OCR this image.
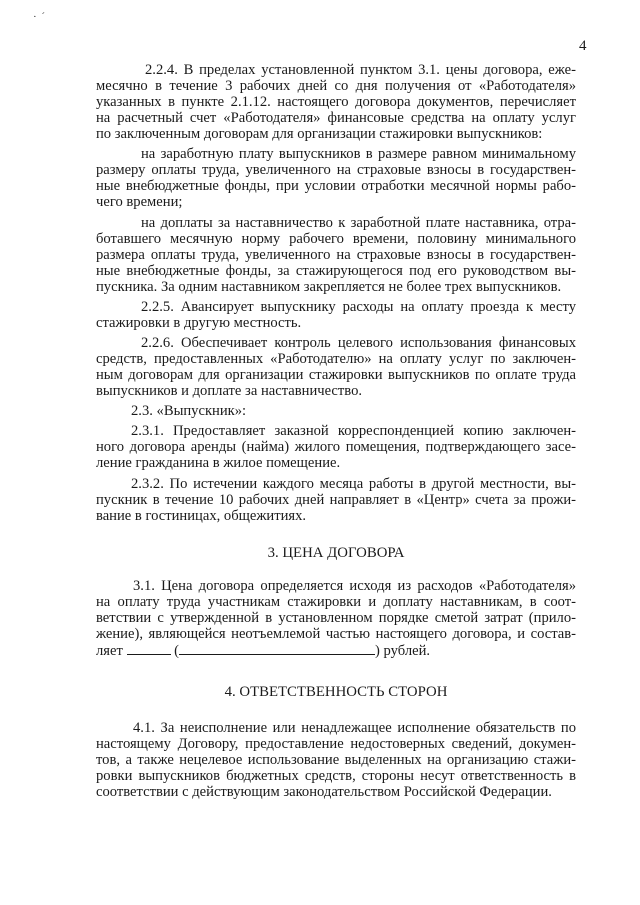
· ´
4
2.2.4. В пределах установленной пунктом 3.1. цены договора, еже-
месячно в течение 3 рабочих дней со дня получения от «Работодателя»
указанных в пункте 2.1.12. настоящего договора документов, перечисляет
на расчетный счет «Работодателя» финансовые средства на оплату услуг
по заключенным договорам для организации стажировки выпускников:
на заработную плату выпускников в размере равном минимальному
размеру оплаты труда, увеличенного на страховые взносы в государствен-
ные внебюджетные фонды, при условии отработки месячной нормы рабо-
чего времени;
на доплаты за наставничество к заработной плате наставника, отра-
ботавшего месячную норму рабочего времени, половину минимального
размера оплаты труда, увеличенного на страховые взносы в государствен-
ные внебюджетные фонды, за стажирующегося под его руководством вы-
пускника. За одним наставником закрепляется не более трех выпускников.
2.2.5. Авансирует выпускнику расходы на оплату проезда к месту
стажировки в другую местность.
2.2.6. Обеспечивает контроль целевого использования финансовых
средств, предоставленных «Работодателю» на оплату услуг по заключен-
ным договорам для организации стажировки выпускников по оплате труда
выпускников и доплате за наставничество.
2.3. «Выпускник»:
2.3.1. Предоставляет заказной корреспонденцией копию заключен-
ного договора аренды (найма) жилого помещения, подтверждающего засе-
ление гражданина в жилое помещение.
2.3.2. По истечении каждого месяца работы в другой местности, вы-
пускник в течение 10 рабочих дней направляет в «Центр» счета за прожи-
вание в гостиницах, общежитиях.
3. ЦЕНА ДОГОВОРА
3.1. Цена договора определяется исходя из расходов «Работодателя»
на оплату труда участникам стажировки и доплату наставникам, в соот-
ветствии с утвержденной в установленном порядке сметой затрат (прило-
жение), являющейся неотъемлемой частью настоящего договора, и состав-
ляет	(	) рублей.
4. ОТВЕТСТВЕННОСТЬ СТОРОН
4.1. За неисполнение или ненадлежащее исполнение обязательств по
настоящему Договору, предоставление недостоверных сведений, докумен-
тов, а также нецелевое использование выделенных на организацию стажи-
ровки выпускников бюджетных средств, стороны несут ответственность в
соответствии с действующим законодательством Российской Федерации.
